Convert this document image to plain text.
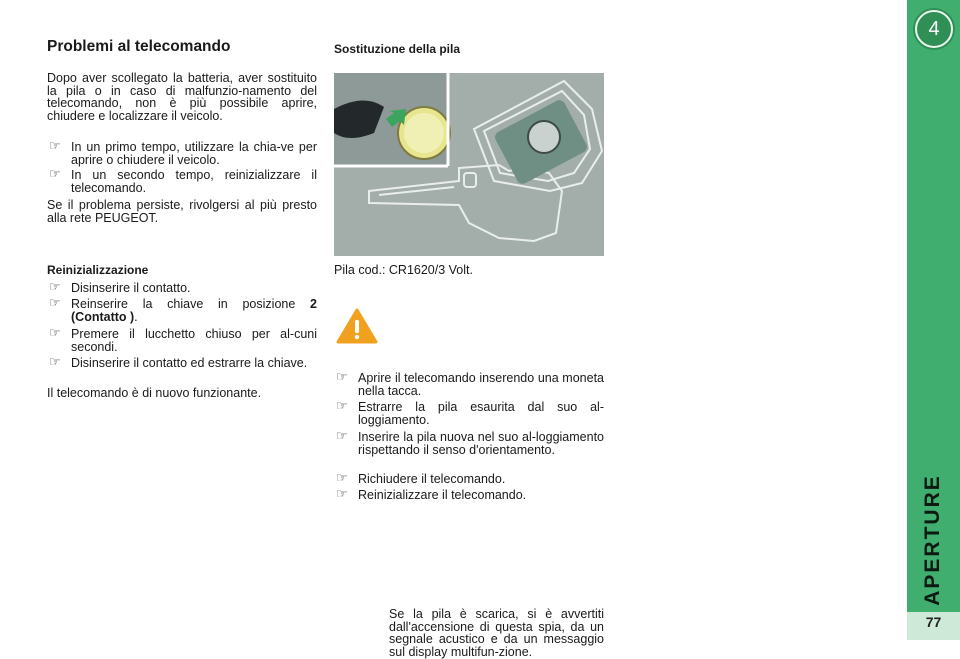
4
APERTURE
77
Problemi al telecomando

Dopo aver scollegato la batteria, aver sostituito la pila o in caso di malfunzio-namento del telecomando, non è più possibile aprire, chiudere e localizzare il veicolo.

☞ In un primo tempo, utilizzare la chia-ve per aprire o chiudere il veicolo.
☞ In un secondo tempo, reinizializzare il telecomando.

Se il problema persiste, rivolgersi al più presto alla rete PEUGEOT.

Reinizializzazione

☞ Disinserire il contatto.
☞ Reinserire la chiave in posizione 2 (Contatto ).
☞ Premere il lucchetto chiuso per al-cuni secondi.
☞ Disinserire il contatto ed estrarre la chiave.

Il telecomando è di nuovo funzionante.

Sostituzione della pila

Pila cod.: CR1620/3 Volt.

Se la pila è scarica, si è avvertiti dall'accensione di questa spia, da un segnale acustico e da un messaggio sul display multifun-zione.

☞ Aprire il telecomando inserendo una moneta nella tacca.
☞ Estrarre la pila esaurita dal suo al-loggiamento.
☞ Inserire la pila nuova nel suo al-loggiamento rispettando il senso d'orientamento.
☞ Richiudere il telecomando.
☞ Reinizializzare il telecomando.
